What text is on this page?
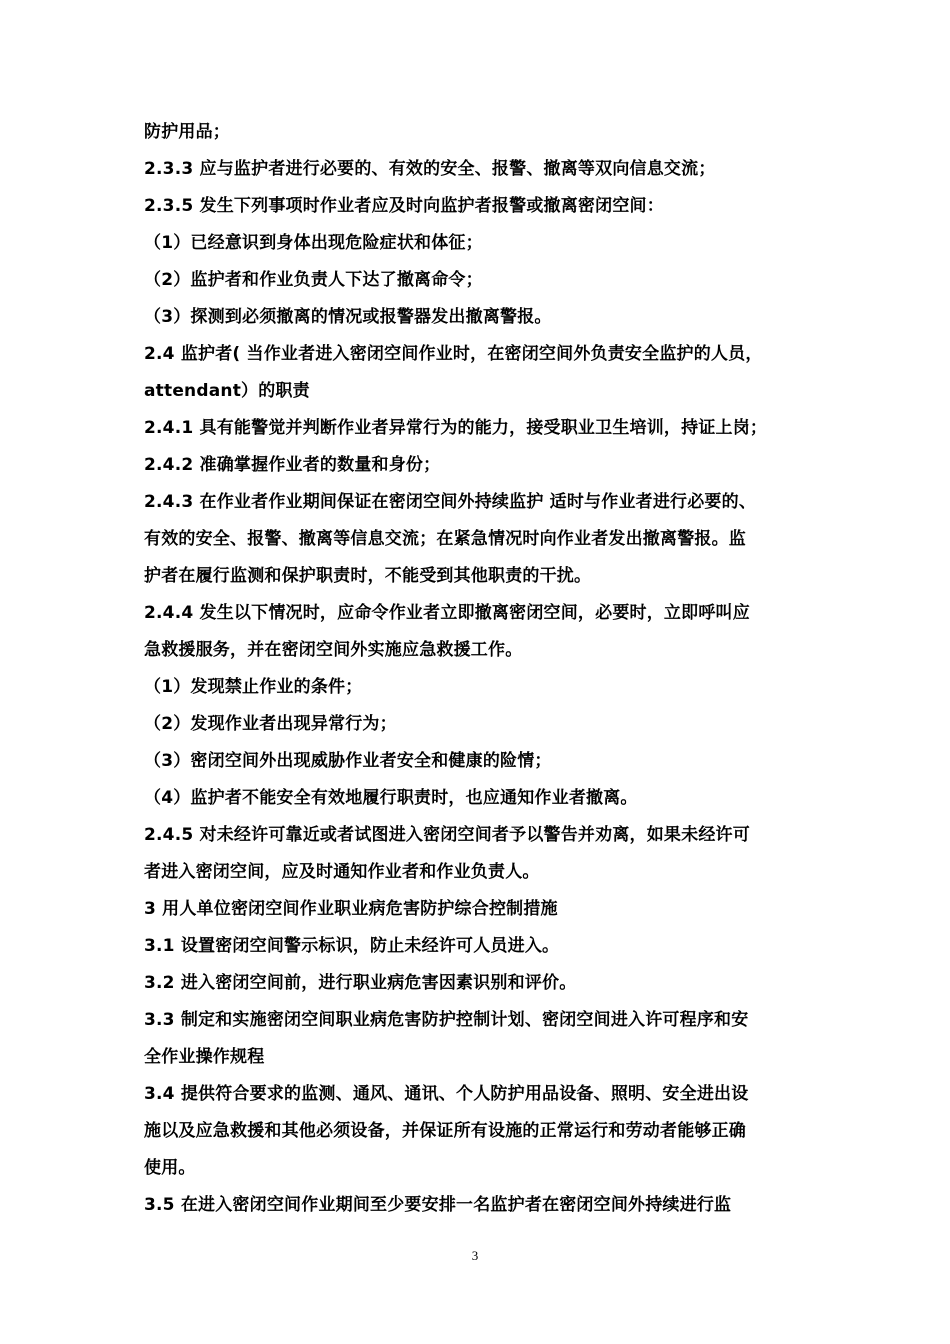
防护用品；
2.3.3 应与监护者进行必要的、有效的安全、报警、撤离等双向信息交流；
2.3.5 发生下列事项时作业者应及时向监护者报警或撤离密闭空间：
（1）已经意识到身体出现危险症状和体征；
（2）监护者和作业负责人下达了撤离命令；
（3）探测到必须撤离的情况或报警器发出撤离警报。
2.4 监护者( 当作业者进入密闭空间作业时，在密闭空间外负责安全监护的人员，
attendant）的职责
2.4.1 具有能警觉并判断作业者异常行为的能力，接受职业卫生培训，持证上岗；
2.4.2 准确掌握作业者的数量和身份；
2.4.3 在作业者作业期间保证在密闭空间外持续监护 适时与作业者进行必要的、
有效的安全、报警、撤离等信息交流；在紧急情况时向作业者发出撤离警报。监
护者在履行监测和保护职责时，不能受到其他职责的干扰。
2.4.4 发生以下情况时，应命令作业者立即撤离密闭空间，必要时，立即呼叫应
急救援服务，并在密闭空间外实施应急救援工作。
（1）发现禁止作业的条件；
（2）发现作业者出现异常行为；
（3）密闭空间外出现威胁作业者安全和健康的险情；
（4）监护者不能安全有效地履行职责时，也应通知作业者撤离。
2.4.5 对未经许可靠近或者试图进入密闭空间者予以警告并劝离，如果未经许可
者进入密闭空间，应及时通知作业者和作业负责人。
3 用人单位密闭空间作业职业病危害防护综合控制措施
3.1 设置密闭空间警示标识，防止未经许可人员进入。
3.2 进入密闭空间前，进行职业病危害因素识别和评价。
3.3 制定和实施密闭空间职业病危害防护控制计划、密闭空间进入许可程序和安
全作业操作规程
3.4 提供符合要求的监测、通风、通讯、个人防护用品设备、照明、安全进出设
施以及应急救援和其他必须设备，并保证所有设施的正常运行和劳动者能够正确
使用。
3.5 在进入密闭空间作业期间至少要安排一名监护者在密闭空间外持续进行监
3
